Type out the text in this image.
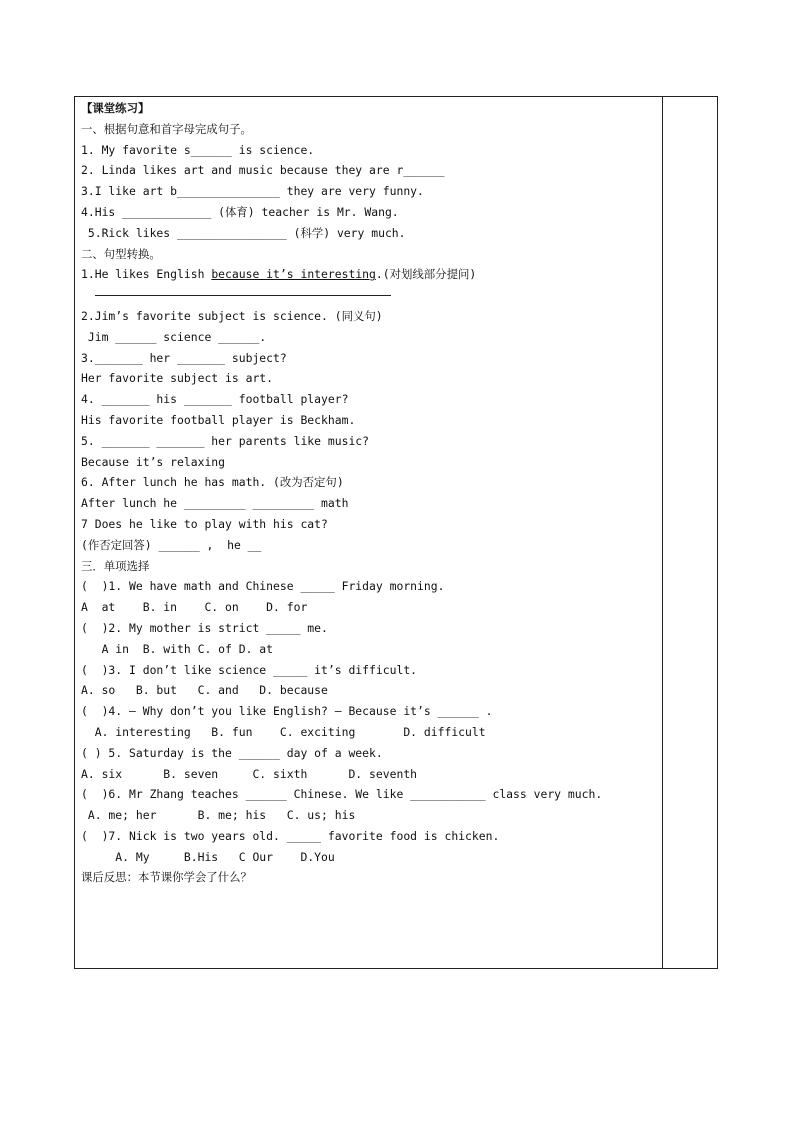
【课堂练习】
一、根据句意和首字母完成句子。
1. My favorite s______ is science.
2. Linda likes art and music because they are r______
3.I like art b_______________ they are very funny.
4.His _____________ (体育) teacher is Mr. Wang.
5.Rick likes ________________ (科学) very much.
二、句型转换。
1.He likes English because it’s interesting.(对划线部分提问)
2.Jim’s favorite subject is science. (同义句)
Jim ______ science ______.
3._______ her _______ subject?
Her favorite subject is art.
4. _______ his _______ football player?
His favorite football player is Beckham.
5. _______ _______ her parents like music?
Because it’s relaxing
6. After lunch he has math. (改为否定句)
After lunch he _________ _________ math
7 Does he like to play with his cat?
(作否定回答) ______ ,  he __
三．单项选择
(  )1. We have math and Chinese _____ Friday morning.
A  at    B. in    C. on    D. for
(  )2. My mother is strict _____ me.
A in  B. with C. of D. at
(  )3. I don’t like science _____ it’s difficult.
A. so   B. but   C. and   D. because
(  )4. — Why don’t you like English? — Because it’s ______ .
A. interesting   B. fun    C. exciting       D. difficult
( ) 5. Saturday is the ______ day of a week.
A. six      B. seven     C. sixth      D. seventh
(  )6. Mr Zhang teaches ______ Chinese. We like ___________ class very much.
A. me; her      B. me; his   C. us; his
(  )7. Nick is two years old. _____ favorite food is chicken.
A. My     B.His   C Our    D.You
课后反思：本节课你学会了什么？
